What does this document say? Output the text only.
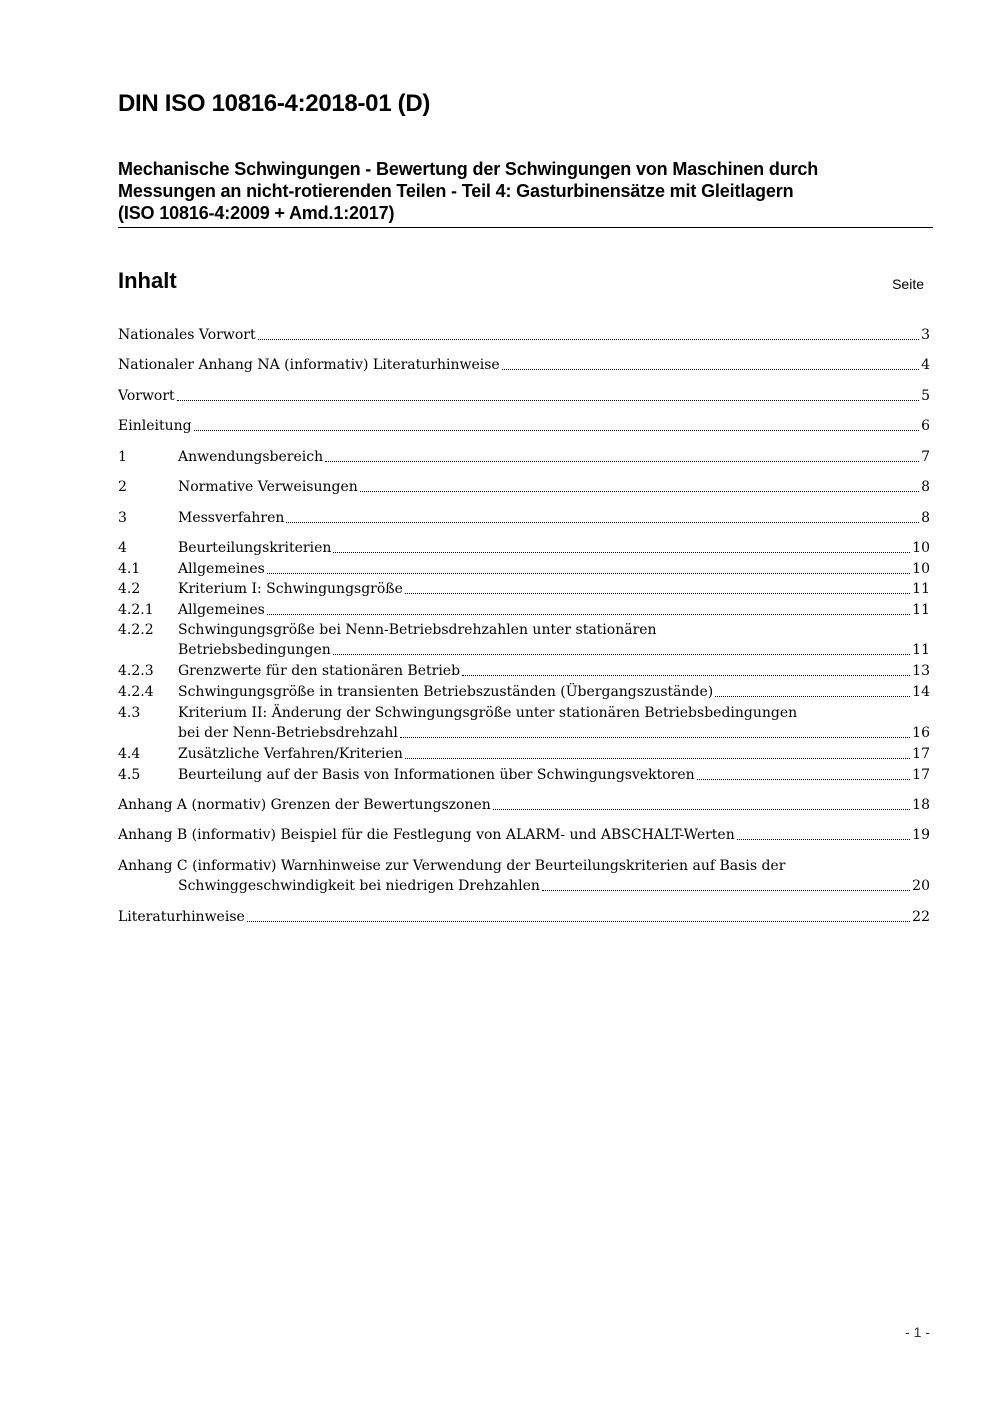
DIN ISO 10816-4:2018-01 (D)
Mechanische Schwingungen - Bewertung der Schwingungen von Maschinen durch
Messungen an nicht-rotierenden Teilen - Teil 4: Gasturbinensätze mit Gleitlagern
(ISO 10816-4:2009 + Amd.1:2017)
Inhalt	Seite
Nationales Vorwort	3
Nationaler Anhang NA (informativ) Literaturhinweise	4
Vorwort	5
Einleitung	6
1	Anwendungsbereich	7
2	Normative Verweisungen	8
3	Messverfahren	8
4	Beurteilungskriterien	10
4.1	Allgemeines	10
4.2	Kriterium I: Schwingungsgröße	11
4.2.1	Allgemeines	11
4.2.2	Schwingungsgröße bei Nenn-Betriebsdrehzahlen unter stationären
Betriebsbedingungen	11
4.2.3	Grenzwerte für den stationären Betrieb	13
4.2.4	Schwingungsgröße in transienten Betriebszuständen (Übergangszustände)	14
4.3	Kriterium II: Änderung der Schwingungsgröße unter stationären Betriebsbedingungen
bei der Nenn-Betriebsdrehzahl	16
4.4	Zusätzliche Verfahren/Kriterien	17
4.5	Beurteilung auf der Basis von Informationen über Schwingungsvektoren	17
Anhang A (normativ) Grenzen der Bewertungszonen	18
Anhang B (informativ) Beispiel für die Festlegung von ALARM- und ABSCHALT-Werten	19
Anhang C (informativ) Warnhinweise zur Verwendung der Beurteilungskriterien auf Basis der
Schwinggeschwindigkeit bei niedrigen Drehzahlen	20
Literaturhinweise	22
- 1 -
